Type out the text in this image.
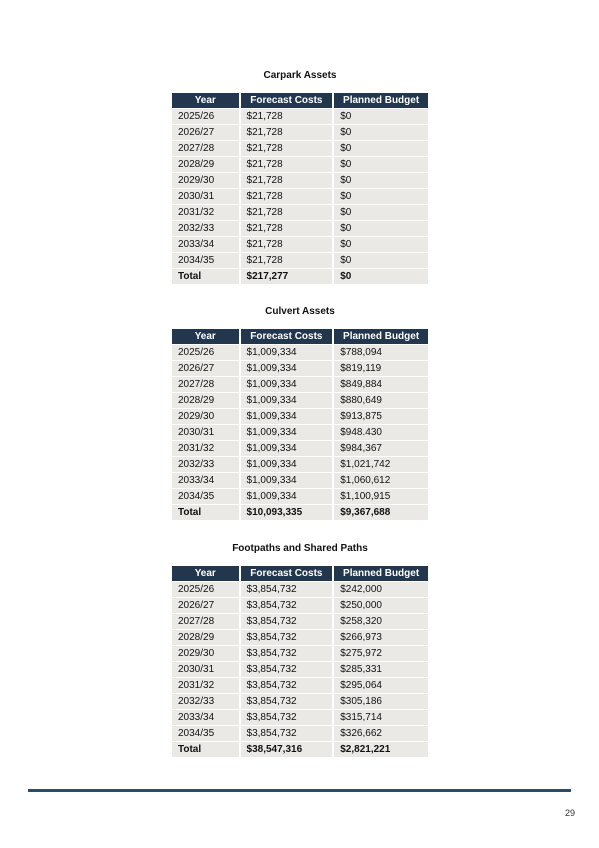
Carpark Assets

Year	Forecast Costs	Planned Budget
2025/26	$21,728	$0
2026/27	$21,728	$0
2027/28	$21,728	$0
2028/29	$21,728	$0
2029/30	$21,728	$0
2030/31	$21,728	$0
2031/32	$21,728	$0
2032/33	$21,728	$0
2033/34	$21,728	$0
2034/35	$21,728	$0
Total	$217,277	$0

Culvert Assets

Year	Forecast Costs	Planned Budget
2025/26	$1,009,334	$788,094
2026/27	$1,009,334	$819,119
2027/28	$1,009,334	$849,884
2028/29	$1,009,334	$880,649
2029/30	$1,009,334	$913,875
2030/31	$1,009,334	$948.430
2031/32	$1,009,334	$984,367
2032/33	$1,009,334	$1,021,742
2033/34	$1,009,334	$1,060,612
2034/35	$1,009,334	$1,100,915
Total	$10,093,335	$9,367,688

Footpaths and Shared Paths

Year	Forecast Costs	Planned Budget
2025/26	$3,854,732	$242,000
2026/27	$3,854,732	$250,000
2027/28	$3,854,732	$258,320
2028/29	$3,854,732	$266,973
2029/30	$3,854,732	$275,972
2030/31	$3,854,732	$285,331
2031/32	$3,854,732	$295,064
2032/33	$3,854,732	$305,186
2033/34	$3,854,732	$315,714
2034/35	$3,854,732	$326,662
Total	$38,547,316	$2,821,221
29
